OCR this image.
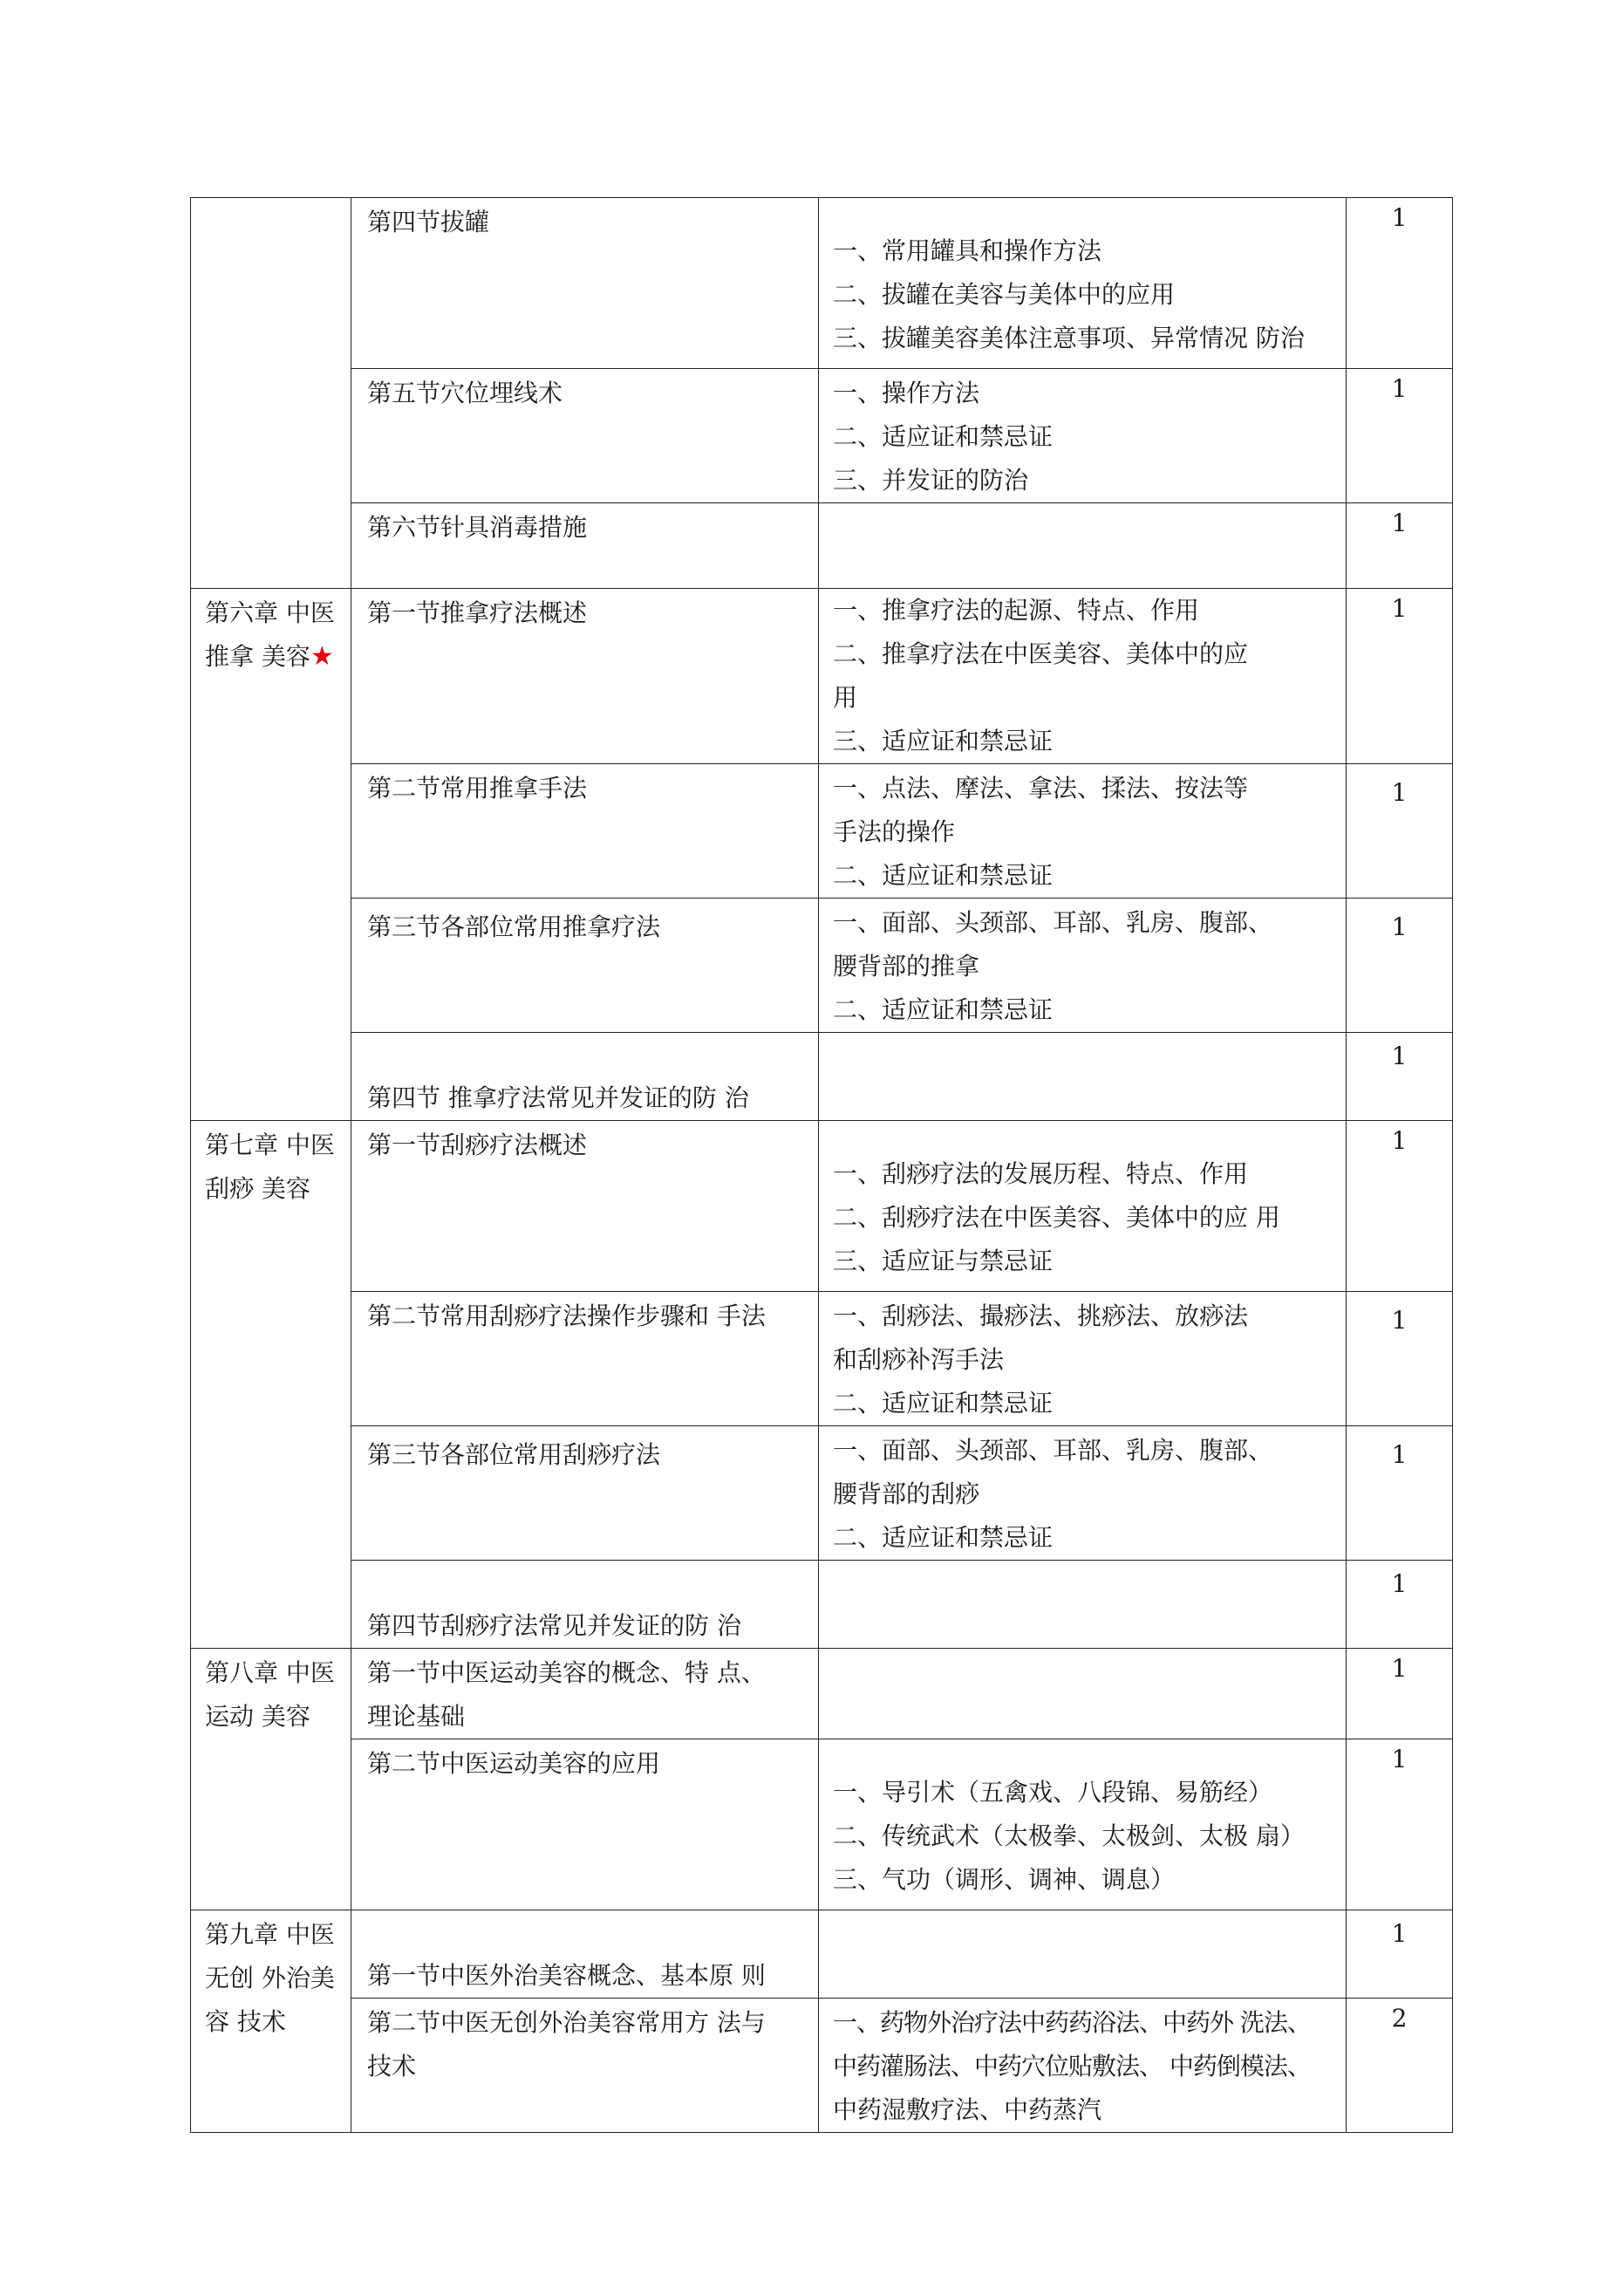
	第四节拔罐	一、常用罐具和操作方法
二、拔罐在美容与美体中的应用
三、拔罐美容美体注意事项、异常情况 防治	1

	第五节穴位埋线术	一、操作方法
二、适应证和禁忌证
三、并发证的防治	1

	第六节针具消毒措施		1

第六章 中医
推拿 美容★	第一节推拿疗法概述	一、推拿疗法的起源、特点、作用
二、推拿疗法在中医美容、美体中的应
用
三、适应证和禁忌证	1

	第二节常用推拿手法	一、点法、摩法、拿法、揉法、按法等
手法的操作
二、适应证和禁忌证	1

	第三节各部位常用推拿疗法	一、面部、头颈部、耳部、乳房、腹部、
腰背部的推拿
二、适应证和禁忌证	1

	第四节 推拿疗法常见并发证的防 治		1

第七章 中医
刮痧 美容	第一节刮痧疗法概述	一、刮痧疗法的发展历程、特点、作用
二、刮痧疗法在中医美容、美体中的应 用
三、适应证与禁忌证	1

	第二节常用刮痧疗法操作步骤和 手法	一、刮痧法、撮痧法、挑痧法、放痧法
和刮痧补泻手法
二、适应证和禁忌证	1

	第三节各部位常用刮痧疗法	一、面部、头颈部、耳部、乳房、腹部、
腰背部的刮痧
二、适应证和禁忌证	1

	第四节刮痧疗法常见并发证的防 治		1

第八章 中医
运动 美容	第一节中医运动美容的概念、特 点、
理论基础		1

	第二节中医运动美容的应用	一、导引术（五禽戏、八段锦、易筋经）
二、传统武术（太极拳、太极剑、太极 扇）
三、气功（调形、调神、调息）	1

第九章 中医
无创 外治美
容 技术	第一节中医外治美容概念、基本原 则		1

	第二节中医无创外治美容常用方 法与
技术	一、药物外治疗法中药药浴法、中药外 洗法、
中药灌肠法、中药穴位贴敷法、 中药倒模法、
中药湿敷疗法、中药蒸汽	2
